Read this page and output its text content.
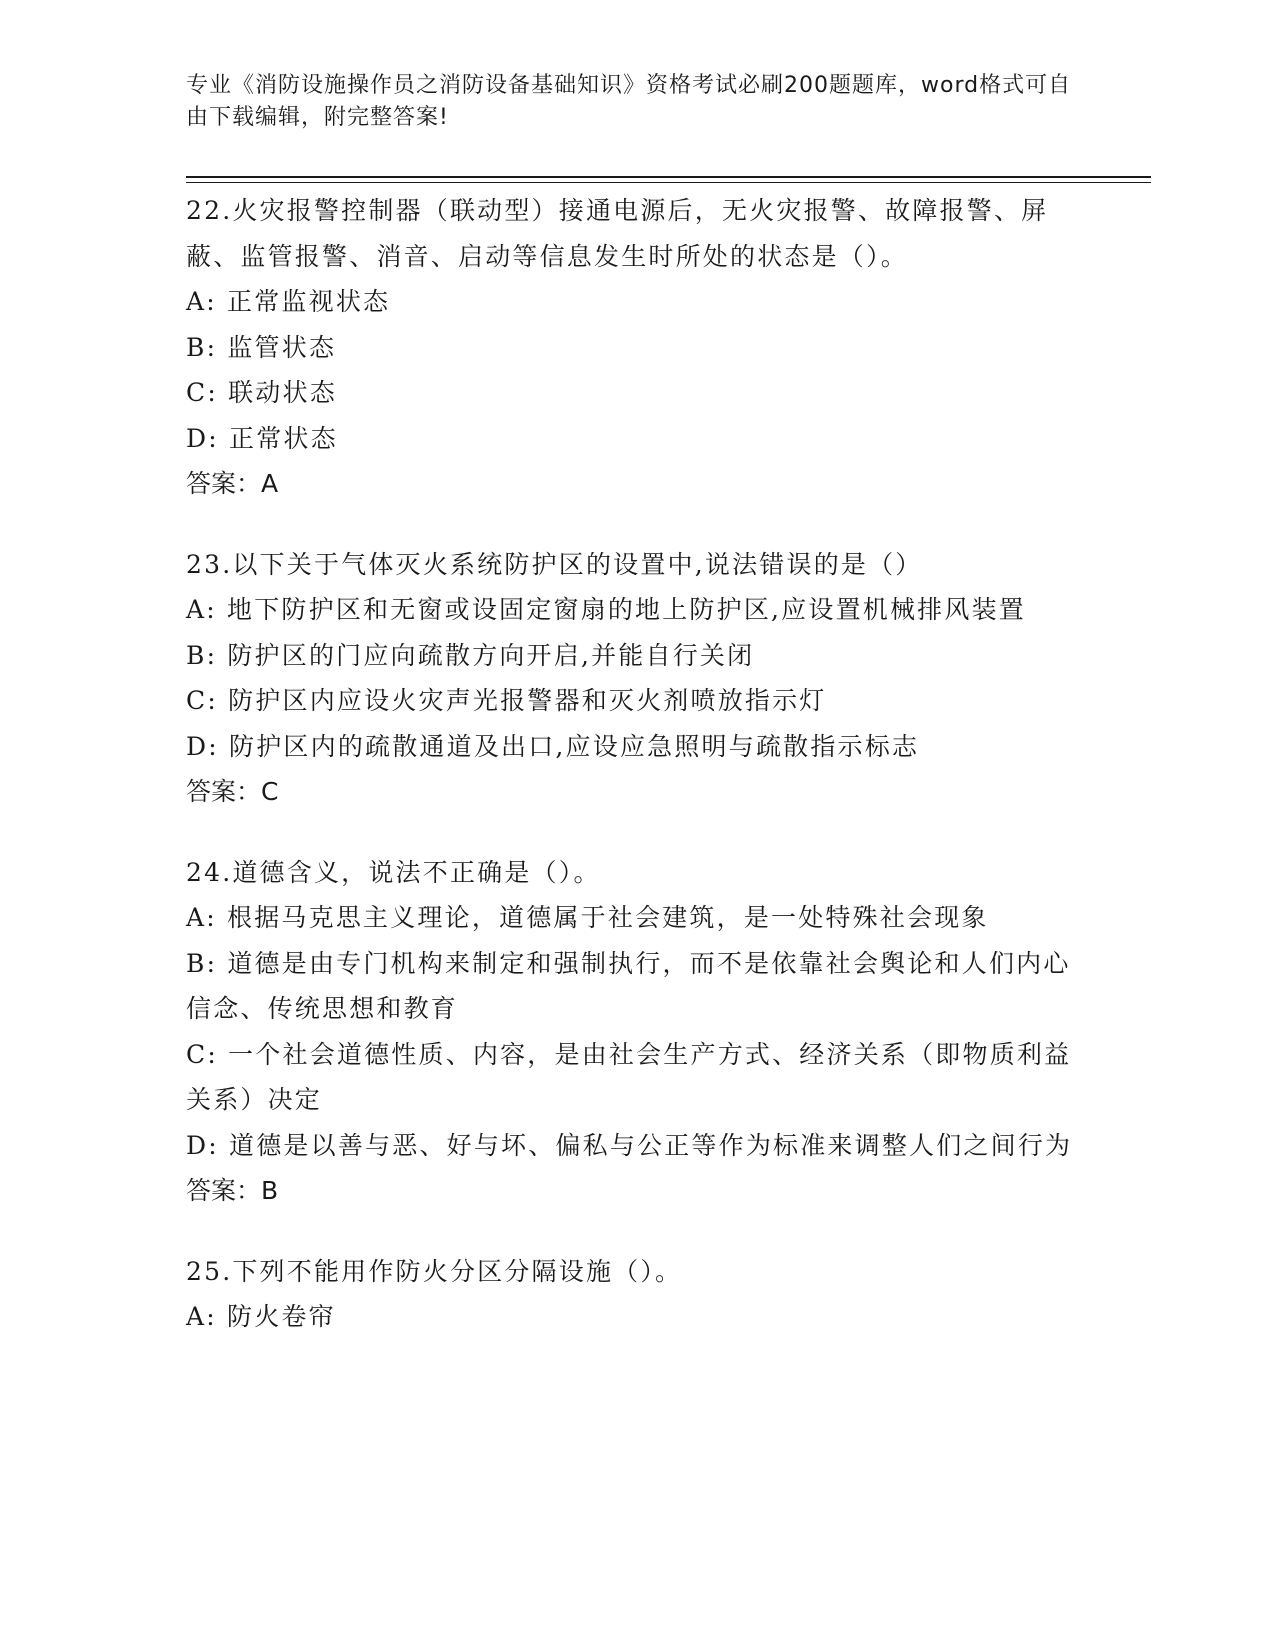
专业《消防设施操作员之消防设备基础知识》资格考试必刷200题题库，word格式可自由下载编辑，附完整答案!

22.火灾报警控制器（联动型）接通电源后，无火灾报警、故障报警、屏蔽、监管报警、消音、启动等信息发生时所处的状态是（）。

A: 正常监视状态

B: 监管状态

C: 联动状态

D: 正常状态

答案：A

23.以下关于气体灭火系统防护区的设置中,说法错误的是（）

A: 地下防护区和无窗或设固定窗扇的地上防护区,应设置机械排风装置

B: 防护区的门应向疏散方向开启,并能自行关闭

C: 防护区内应设火灾声光报警器和灭火剂喷放指示灯

D: 防护区内的疏散通道及出口,应设应急照明与疏散指示标志

答案：C

24.道德含义，说法不正确是（）。

A: 根据马克思主义理论，道德属于社会建筑，是一处特殊社会现象

B: 道德是由专门机构来制定和强制执行，而不是依靠社会舆论和人们内心信念、传统思想和教育

C: 一个社会道德性质、内容，是由社会生产方式、经济关系（即物质利益关系）决定

D: 道德是以善与恶、好与坏、偏私与公正等作为标准来调整人们之间行为

答案：B

25.下列不能用作防火分区分隔设施（）。

A: 防火卷帘
